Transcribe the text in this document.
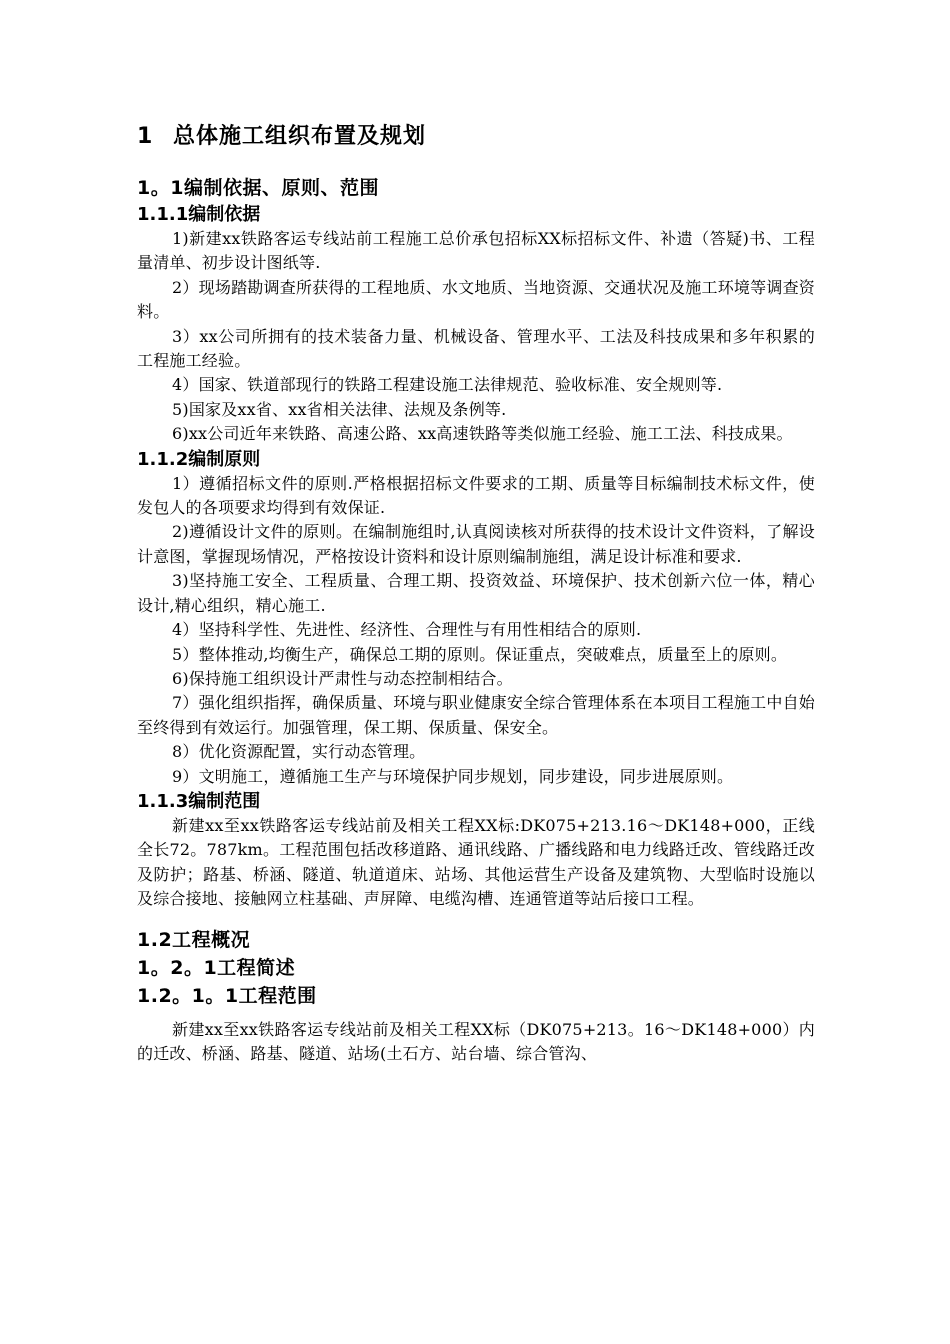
1 总体施工组织布置及规划
1。1编制依据、原则、范围
1.1.1编制依据

1)新建xx铁路客运专线站前工程施工总价承包招标XX标招标文件、补遗（答疑)书、工程量清单、初步设计图纸等.

2）现场踏勘调查所获得的工程地质、水文地质、当地资源、交通状况及施工环境等调查资料。

3）xx公司所拥有的技术装备力量、机械设备、管理水平、工法及科技成果和多年积累的工程施工经验。

4）国家、铁道部现行的铁路工程建设施工法律规范、验收标准、安全规则等.

5)国家及xx省、xx省相关法律、法规及条例等.

6)xx公司近年来铁路、高速公路、xx高速铁路等类似施工经验、施工工法、科技成果。

1.1.2编制原则

1）遵循招标文件的原则.严格根据招标文件要求的工期、质量等目标编制技术标文件，使发包人的各项要求均得到有效保证.

2)遵循设计文件的原则。在编制施组时,认真阅读核对所获得的技术设计文件资料，了解设计意图，掌握现场情况，严格按设计资料和设计原则编制施组，满足设计标准和要求.

3)坚持施工安全、工程质量、合理工期、投资效益、环境保护、技术创新六位一体，精心设计,精心组织，精心施工.

4）坚持科学性、先进性、经济性、合理性与有用性相结合的原则.

5）整体推动,均衡生产，确保总工期的原则。保证重点，突破难点，质量至上的原则。

6)保持施工组织设计严肃性与动态控制相结合。

7）强化组织指挥，确保质量、环境与职业健康安全综合管理体系在本项目工程施工中自始至终得到有效运行。加强管理，保工期、保质量、保安全。

8）优化资源配置，实行动态管理。

9）文明施工，遵循施工生产与环境保护同步规划，同步建设，同步进展原则。

1.1.3编制范围

新建xx至xx铁路客运专线站前及相关工程XX标:DK075+213.16～DK148+000，正线全长72。787km。工程范围包括改移道路、通讯线路、广播线路和电力线路迁改、管线路迁改及防护；路基、桥涵、隧道、轨道道床、站场、其他运营生产设备及建筑物、大型临时设施以及综合接地、接触网立柱基础、声屏障、电缆沟槽、连通管道等站后接口工程。

1.2工程概况
1。2。1工程简述
1.2。1。1工程范围

新建xx至xx铁路客运专线站前及相关工程XX标（DK075+213。16～DK148+000）内的迁改、桥涵、路基、隧道、站场(土石方、站台墙、综合管沟、
